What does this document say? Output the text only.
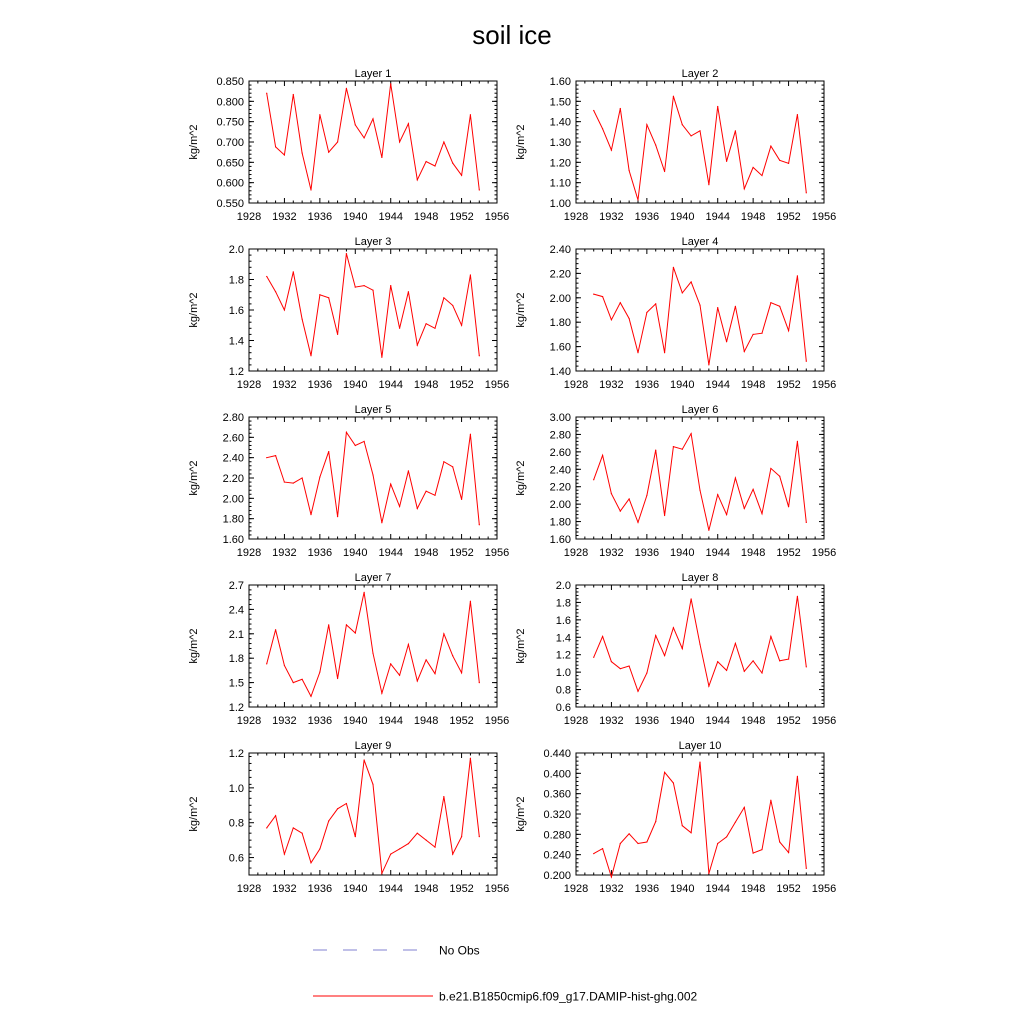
soil ice
Layer 1
kg/m^2
1928 1932 1936 1940 1944 1948 1952 1956
0.550
0.600
0.650
0.700
0.750
0.800
0.850
Layer 2
kg/m^2
1928 1932 1936 1940 1944 1948 1952 1956
1.00
1.10
1.20
1.30
1.40
1.50
1.60
Layer 3
kg/m^2
1928 1932 1936 1940 1944 1948 1952 1956
1.2
1.4
1.6
1.8
2.0
Layer 4
kg/m^2
1928 1932 1936 1940 1944 1948 1952 1956
1.40
1.60
1.80
2.00
2.20
2.40
Layer 5
kg/m^2
1928 1932 1936 1940 1944 1948 1952 1956
1.60
1.80
2.00
2.20
2.40
2.60
2.80
Layer 6
kg/m^2
1928 1932 1936 1940 1944 1948 1952 1956
1.60
1.80
2.00
2.20
2.40
2.60
2.80
3.00
Layer 7
kg/m^2
1928 1932 1936 1940 1944 1948 1952 1956
1.2
1.5
1.8
2.1
2.4
2.7
Layer 8
kg/m^2
1928 1932 1936 1940 1944 1948 1952 1956
0.6
0.8
1.0
1.2
1.4
1.6
1.8
2.0
Layer 9
kg/m^2
1928 1932 1936 1940 1944 1948 1952 1956
0.6
0.8
1.0
1.2
Layer 10
kg/m^2
1928 1932 1936 1940 1944 1948 1952 1956
0.200
0.240
0.280
0.320
0.360
0.400
0.440
No Obs
b.e21.B1850cmip6.f09_g17.DAMIP-hist-ghg.002
